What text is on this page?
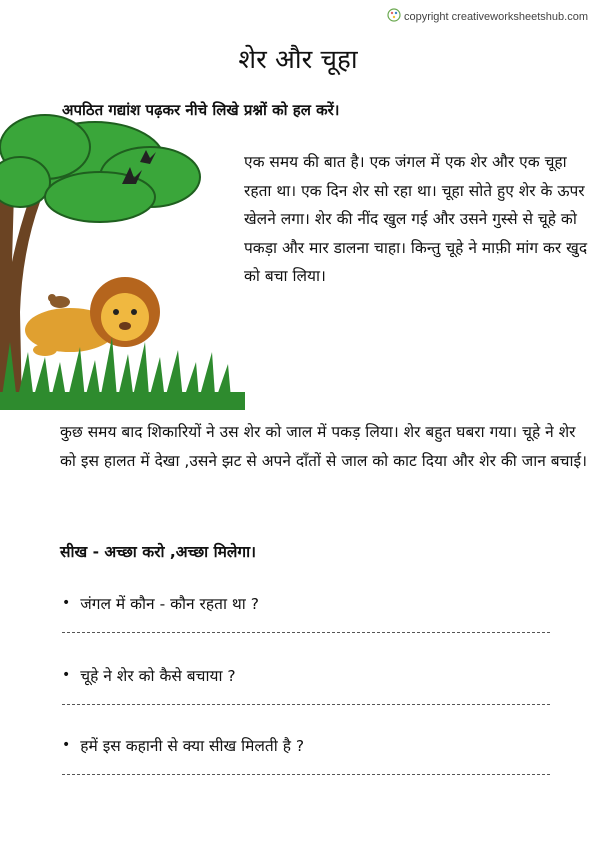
copyright creativeworksheetshub.com
शेर और चूहा
अपठित गद्यांश पढ़कर नीचे लिखे प्रश्नों को हल करें।
एक समय की बात है। एक जंगल में एक शेर और एक चूहा रहता था। एक दिन शेर सो रहा था। चूहा सोते हुए शेर के ऊपर खेलने लगा। शेर की नींद खुल गई और उसने गुस्से से चूहे को पकड़ा और मार डालना चाहा। किन्तु चूहे ने माफ़ी मांग कर खुद को बचा लिया।
कुछ समय बाद शिकारियों ने उस शेर को जाल में पकड़ लिया। शेर बहुत घबरा गया। चूहे ने शेर को इस हालत में देखा ,उसने झट से अपने दाँतों से जाल को काट दिया और शेर की जान बचाई।
सीख - अच्छा करो ,अच्छा मिलेगा।
• जंगल में कौन - कौन रहता था ?
• चूहे ने शेर को कैसे बचाया ?
• हमें इस कहानी से क्या सीख मिलती है ?
